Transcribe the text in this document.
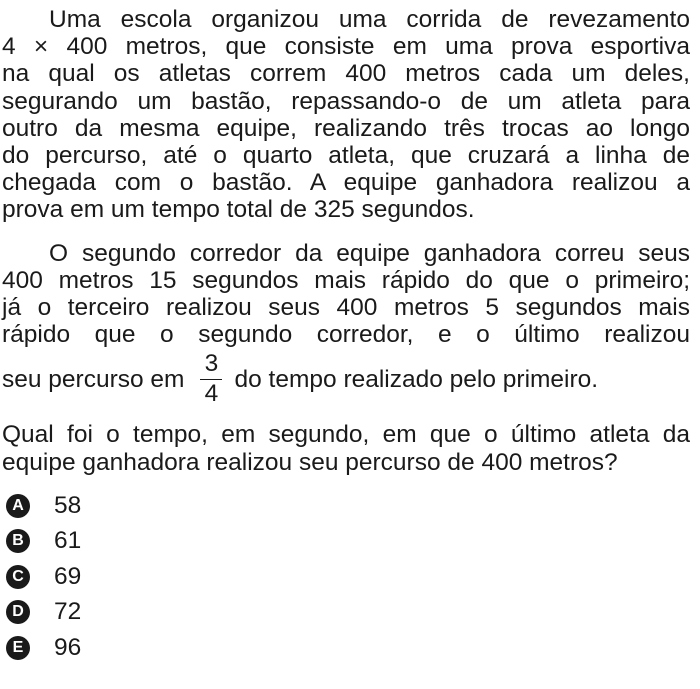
Uma escola organizou uma corrida de revezamento
4 × 400 metros, que consiste em uma prova esportiva
na qual os atletas correm 400 metros cada um deles,
segurando um bastão, repassando-o de um atleta para
outro da mesma equipe, realizando três trocas ao longo
do percurso, até o quarto atleta, que cruzará a linha de
chegada com o bastão. A equipe ganhadora realizou a
prova em um tempo total de 325 segundos.
O segundo corredor da equipe ganhadora correu seus
400 metros 15 segundos mais rápido do que o primeiro;
já o terceiro realizou seus 400 metros 5 segundos mais
rápido que o segundo corredor, e o último realizou
seu percurso em $\frac{3}{4}$ do tempo realizado pelo primeiro.
Qual foi o tempo, em segundo, em que o último atleta da
equipe ganhadora realizou seu percurso de 400 metros?
A 58
B 61
C 69
D 72
E 96
